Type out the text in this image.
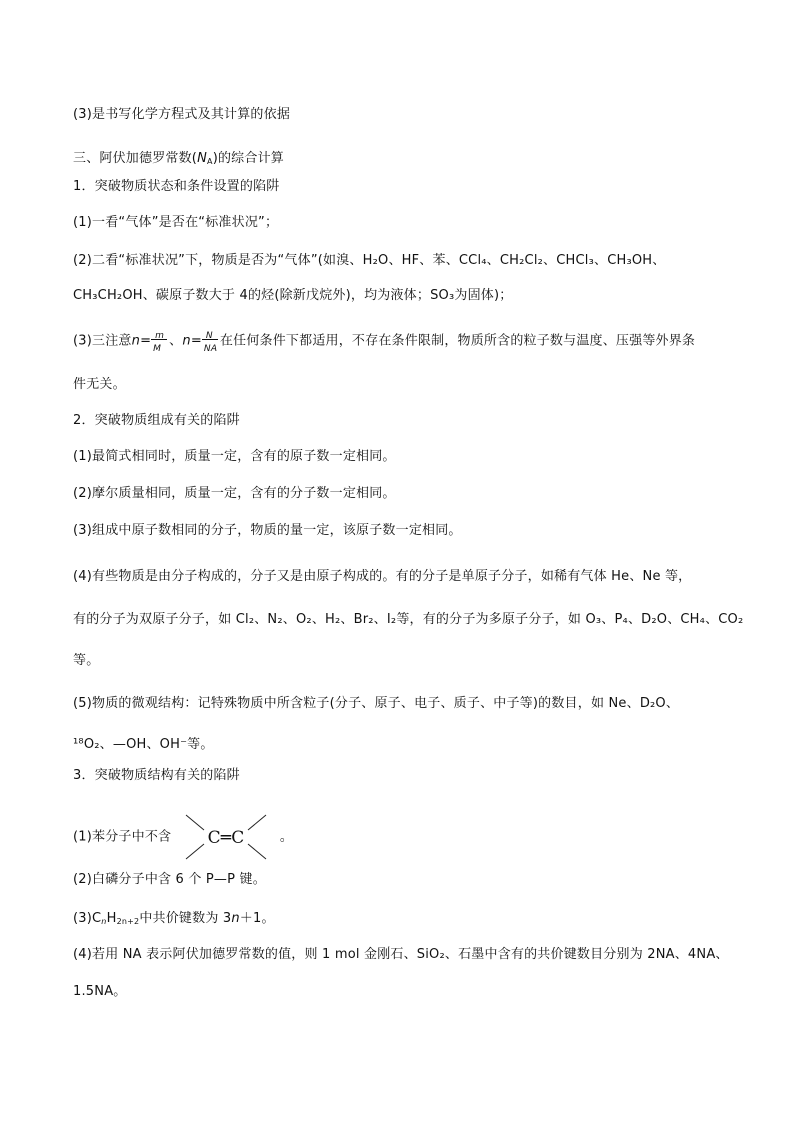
(3)是书写化学方程式及其计算的依据
三、阿伏加德罗常数$(N_A)$的综合计算
1．突破物质状态和条件设置的陷阱
(1)一看“气体”是否在“标准状况”；
(2)二看“标准状况”下，物质是否为“气体”(如溴、H₂O、HF、苯、CCl₄、CH₂Cl₂、CHCl₃、CH₃OH、
CH₃CH₂OH、碳原子数大于 4的烃(除新戊烷外)，均为液体；SO₃为固体)；
(3)三注意n= m
M
、n= N
NA
在任何条件下都适用，不存在条件限制，物质所含的粒子数与温度、压强等外界条
件无关。
2．突破物质组成有关的陷阱
(1)最简式相同时，质量一定，含有的原子数一定相同。
(2)摩尔质量相同，质量一定，含有的分子数一定相同。
(3)组成中原子数相同的分子，物质的量一定，该原子数一定相同。
(4)有些物质是由分子构成的，分子又是由原子构成的。有的分子是单原子分子，如稀有气体 He、Ne 等，
有的分子为双原子分子，如 Cl₂、N₂、O₂、H₂、Br₂、I₂等，有的分子为多原子分子，如 O₃、P₄、D₂O、CH₄、CO₂
等。
(5)物质的微观结构：记特殊物质中所含粒子(分子、原子、电子、质子、中子等)的数目，如 Ne、D₂O、
¹⁸O₂、—OH、OH⁻等。
3．突破物质结构有关的陷阱
(1)苯分子中不含 C═C	。
(2)白磷分子中含 6 个 P—P 键。
$(3)C_nH_{2n+2}$中共价键数为 3n＋1。
(4)若用 NA 表示阿伏加德罗常数的值，则 1 mol 金刚石、SiO₂、石墨中含有的共价键数目分别为 2NA、4NA、
1.5NA。
